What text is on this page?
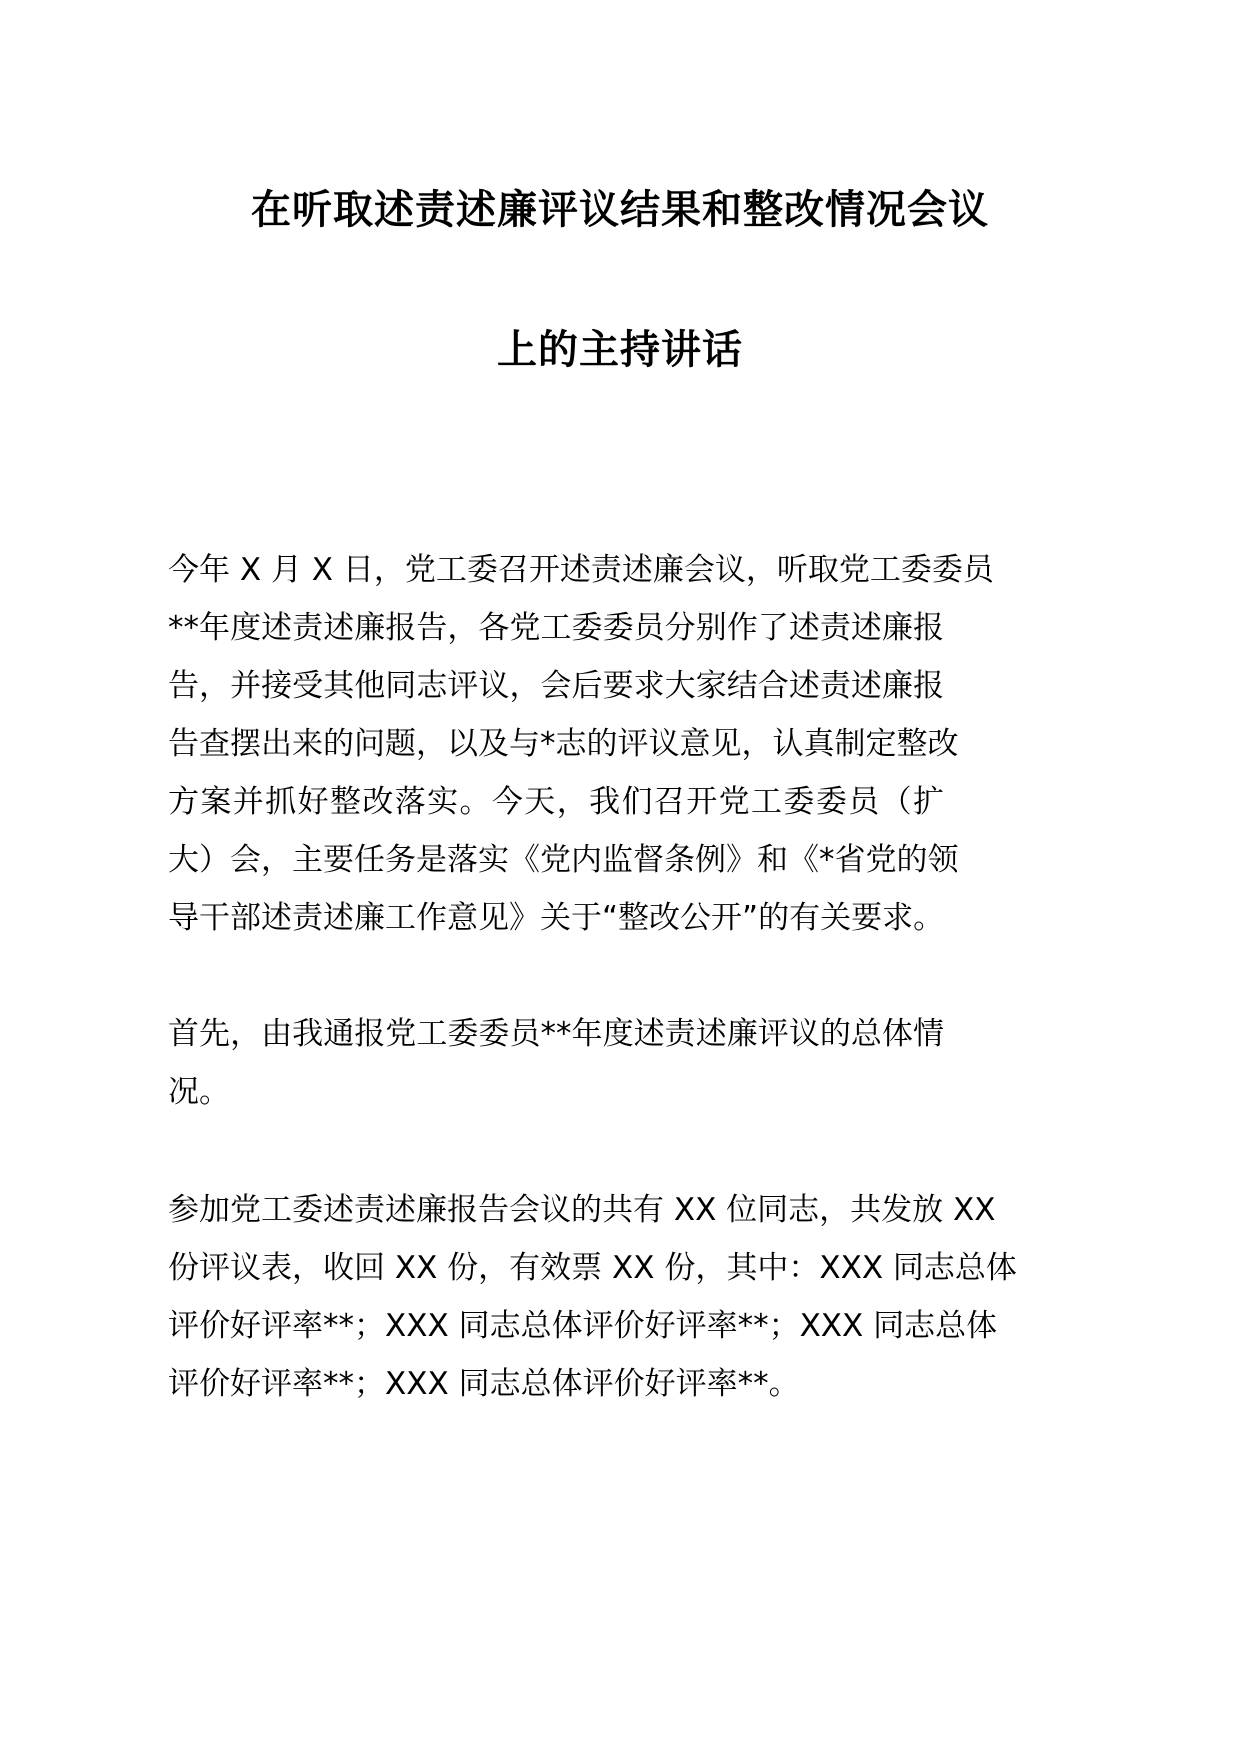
在听取述责述廉评议结果和整改情况会议
上的主持讲话
今年 X 月 X 日，党工委召开述责述廉会议，听取党工委委员
**年度述责述廉报告，各党工委委员分别作了述责述廉报
告，并接受其他同志评议，会后要求大家结合述责述廉报
告查摆出来的问题，以及与*志的评议意见，认真制定整改
方案并抓好整改落实。今天，我们召开党工委委员（扩
大）会，主要任务是落实《党内监督条例》和《*省党的领
导干部述责述廉工作意见》关于“整改公开”的有关要求。
首先，由我通报党工委委员**年度述责述廉评议的总体情
况。
参加党工委述责述廉报告会议的共有 XX 位同志，共发放 XX
份评议表，收回 XX 份，有效票 XX 份，其中：XXX 同志总体
评价好评率**；XXX 同志总体评价好评率**；XXX 同志总体
评价好评率**；XXX 同志总体评价好评率**。
